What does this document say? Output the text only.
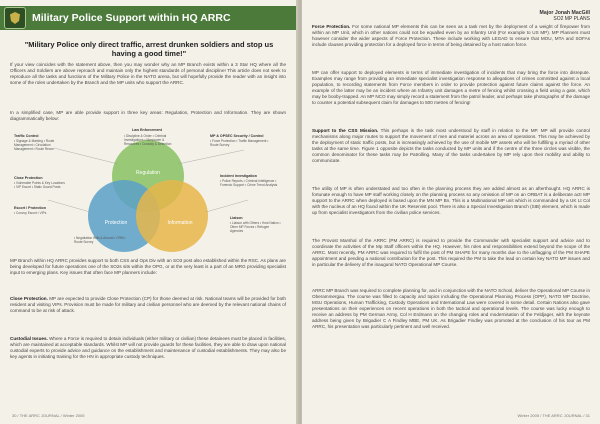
Military Police Support within HQ ARRC
"Military Police only direct traffic, arrest drunken soldiers and stop us having a good time!"
If your view coincides with the statement above, then you may wonder why an MP Branch exists within a 3 Star HQ where all the Officers and Soldiers are above reproach and maintain only the highest standards of personal discipline! This article does not seek to reproduce all the tasks and functions of the Military Police in the NATO arena, but will hopefully provide the reader with an insight into some of the roles undertaken by the Branch and the MP units who support the ARRC.
In a simplified case, MP are able provide support in three key areas: Regulation, Protection and Information. They are shown diagrammatically below:
Regulation
Protection	Information
Law Enforcement
• Discipline & Order • Criminal Investigations • Manpower & Resources • Custody & Detention
Traffic Control
• Signage & Marking • Route Management • Circulation Management • Route Recce
MP & OPSEC Security / Control
• Force Protection • Traffic Management • Route Survey
Close Protection
• Vulnerable Points & Key Locations • VIP Escort • Static Guard Posts
Escort / Protection
• Convoy Escort • VIPs
Incident Investigation
• Police Reports • Criminal Intelligence • Forensic Support • Crime Trend Analysis
Liaison
• Liaison with Others • Host Nation • Other MP Forces • Refugee Agencies
• Negotiation With & Around • CRM • Route Survey
MP Branch within HQ ARRC provides support to both CSS and Ops Div with an SO3 post also established within the RSC. As plans are being developed for future operations one of the SO2s sits within the OPG, or at the very least is a part of an MRG providing specialist input to emerging plans. Key issues that often face MP planners include:
Close Protection. MP are expected to provide Close Protection (CP) for those deemed at risk. National teams will be provided for both resident and visiting VIPs. Provision must be made for military and civilian personnel who are deemed by the relevant national chains of command to be at risk of attack.
Custodial Issues. Where a Force is required to detain individuals (either military or civilian) these detainees must be placed in facilities, which are maintained at acceptable standards. Whilst MP will not provide guards for these facilities, they are able to draw upon national custodial experts to provide advice and guidance on the establishment and maintenance of custodial establishments. They may also be key agents in initiating training for the HN in appropriate custody techniques.
30 / THE ARRC JOURNAL / Winter 2005
Major Jonah MacGill
SO2 MP PLANS
Force Protection. For some national MP elements this can be seen as a task met by the deployment of a weight of firepower from within an MP Unit, which in other nations could not be equalled even by an Infantry Unit (For example to US MP). MP Planners must however consider the wider aspects of Force Protection. These include working with LEGAD to ensure that MOU, MTA and SOFAs include clauses providing protection for a deployed force in terms of being detained by a host nation force.
MP can offer support to deployed elements in terms of immediate investigation of incidents that may bring the force into disrepute. Examples may range from providing an immediate specialist investigation response to allegations of crimes committed against a local population, to recording statements from Force members in order to provide protection against future claims against the force. An example of the latter may be an incident where an Infantry unit damages a metre of fencing whilst crossing a field using a gate, which may be booby-trapped. An MP NCO may simply record a statement from the patrol leader, and perhaps take photographs of the damage to counter a potential subsequent claim for damages to 500 metres of fencing!
Support to the CSS Mission. This perhaps is the task most understood by staff in relation to the MP. MP will provide control mechanisms along major routes to support the movement of men and materiel across an area of operations. This may be achieved by the deployment of static traffic posts, but is increasingly achieved by the use of mobile MP assets who will be fulfilling a myriad of other tasks at the same time. Figure 1 opposite depicts the tasks conducted by MP units and if the centre of the three circles was visible, the common denominator for these tasks may be Patrolling. Many of the tasks undertaken by MP rely upon their mobility and ability to communicate.
The utility of MP is often understated and too often in the planning process they are added almost as an afterthought. HQ ARRC is fortunate enough to have MP staff working closely on the planning process so any omission of MP on an ORBAT is a deliberate act! MP support to the ARRC when deployed is based upon the MN MP Bn. This is a Multinational MP unit which is commanded by a UK Lt Col with the nucleus of an HQ found within the UK Reservist pool. There is also a Special Investigation Branch (SIB) element, which is made up from specialist investigators from the civilian police services.
The Provost Marshal of the ARRC (PM ARRC) is required to provide the Commander with specialist support and advice and to coordinate the activities of the Mp Staff officers within the HQ. However, his roles and responsibilities extend beyond the scope of the ARRC. Most recently, PM ARRC was required to fulfil the post of PM SHAPE for many months due to the unflagging of the PM SHAPE appointment and pending a national contribution for the post. This required the PM to take the lead on certain key NATO MP issues and in particular the delivery of the inaugural NATO Operational MP Course.
ARRC MP Branch was required to complete planning for, and in conjunction with the NATO School, deliver the Operational MP Course in Oberammergau. The course was filled to capacity and topics including the Operational Planning Process (OPP), NATO MP Doctrine, MSU Operations, Human Trafficking, Custody Operations and International Law were covered in some detail. Certain Nations also gave presentations on their experiences on recent operations in both the tactical and operational levels. The course was lucky enough to receive an address by PM German Army, Col H Erdmann on the changing roles and modernisation of the Feldjager, with the keynote address being given by Brigadier C A Findley MBE, PM UK. As Brigadier Findley was promoted at the conclusion of his tour as PM ARRC, his presentation was particularly pertinent and well received.
Winter 2005 / THE ARRC JOURNAL / 31
